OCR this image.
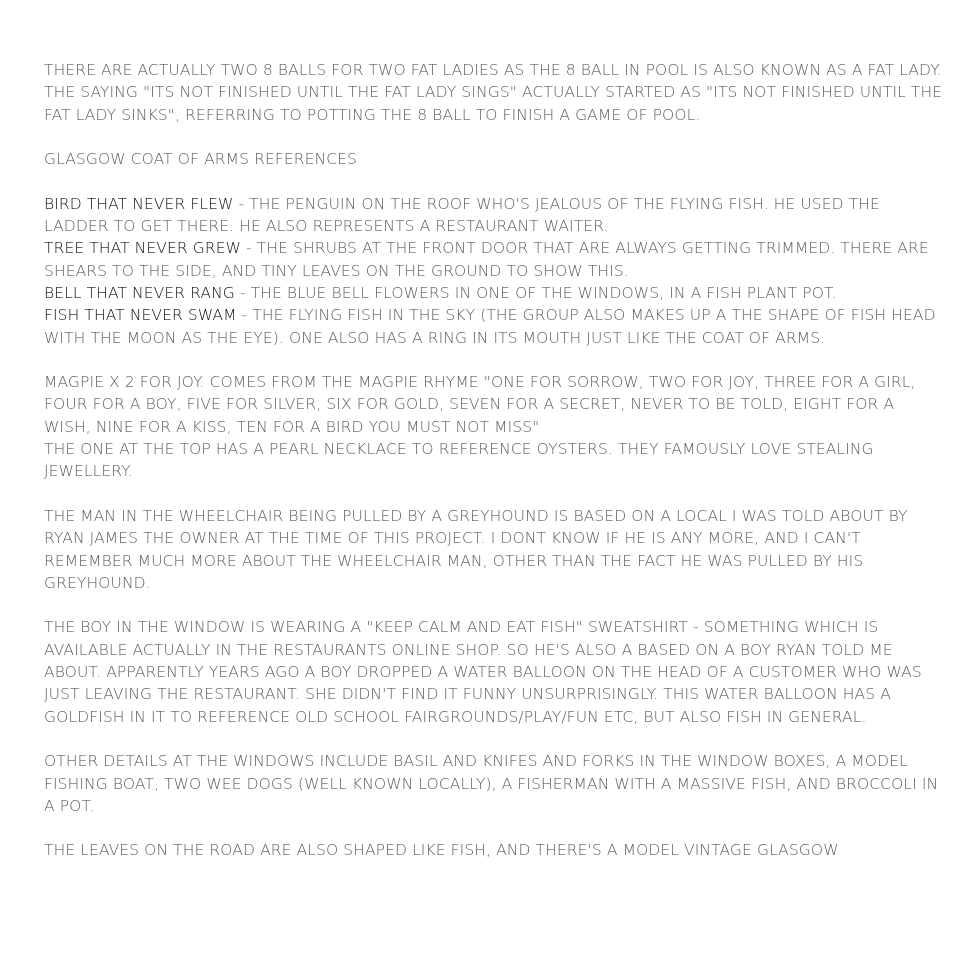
THERE ARE ACTUALLY TWO 8 BALLS FOR TWO FAT LADIES AS THE 8 BALL IN POOL IS ALSO KNOWN AS A FAT LADY. THE SAYING "ITS NOT FINISHED UNTIL THE FAT LADY SINGS" ACTUALLY STARTED AS "ITS NOT FINISHED UNTIL THE FAT LADY SINKS", REFERRING TO POTTING THE 8 BALL TO FINISH A GAME OF POOL.

GLASGOW COAT OF ARMS REFERENCES

BIRD THAT NEVER FLEW - THE PENGUIN ON THE ROOF WHO'S JEALOUS OF THE FLYING FISH. HE USED THE LADDER TO GET THERE. HE ALSO REPRESENTS A RESTAURANT WAITER.
TREE THAT NEVER GREW - THE SHRUBS AT THE FRONT DOOR THAT ARE ALWAYS GETTING TRIMMED. THERE ARE SHEARS TO THE SIDE, AND TINY LEAVES ON THE GROUND TO SHOW THIS.
BELL THAT NEVER RANG - THE BLUE BELL FLOWERS IN ONE OF THE WINDOWS, IN A FISH PLANT POT.
FISH THAT NEVER SWAM - THE FLYING FISH IN THE SKY (THE GROUP ALSO MAKES UP A THE SHAPE OF FISH HEAD WITH THE MOON AS THE EYE). ONE ALSO HAS A RING IN ITS MOUTH JUST LIKE THE COAT OF ARMS.
MAGPIE X 2 FOR JOY. COMES FROM THE MAGPIE RHYME "ONE FOR SORROW, TWO FOR JOY, THREE FOR A GIRL, FOUR FOR A BOY, FIVE FOR SILVER, SIX FOR GOLD, SEVEN FOR A SECRET, NEVER TO BE TOLD, EIGHT FOR A WISH, NINE FOR A KISS, TEN FOR A BIRD YOU MUST NOT MISS"
THE ONE AT THE TOP HAS A PEARL NECKLACE TO REFERENCE OYSTERS. THEY FAMOUSLY LOVE STEALING JEWELLERY.

THE MAN IN THE WHEELCHAIR BEING PULLED BY A GREYHOUND IS BASED ON A LOCAL I WAS TOLD ABOUT BY RYAN JAMES THE OWNER AT THE TIME OF THIS PROJECT. I DONT KNOW IF HE IS ANY MORE, AND I CAN'T REMEMBER MUCH MORE ABOUT THE WHEELCHAIR MAN, OTHER THAN THE FACT HE WAS PULLED BY HIS GREYHOUND.

THE BOY IN THE WINDOW IS WEARING A "KEEP CALM AND EAT FISH" SWEATSHIRT - SOMETHING WHICH IS AVAILABLE ACTUALLY IN THE RESTAURANTS ONLINE SHOP. SO HE'S ALSO A BASED ON A BOY RYAN TOLD ME ABOUT. APPARENTLY YEARS AGO A BOY DROPPED A WATER BALLOON ON THE HEAD OF A CUSTOMER WHO WAS JUST LEAVING THE RESTAURANT. SHE DIDN'T FIND IT FUNNY UNSURPRISINGLY. THIS WATER BALLOON HAS A GOLDFISH IN IT TO REFERENCE OLD SCHOOL FAIRGROUNDS/PLAY/FUN ETC, BUT ALSO FISH IN GENERAL.

OTHER DETAILS AT THE WINDOWS INCLUDE BASIL AND KNIFES AND FORKS IN THE WINDOW BOXES, A MODEL FISHING BOAT, TWO WEE DOGS (WELL KNOWN LOCALLY), A FISHERMAN WITH A MASSIVE FISH, AND BROCCOLI IN A POT.

THE LEAVES ON THE ROAD ARE ALSO SHAPED LIKE FISH, AND THERE'S A MODEL VINTAGE GLASGOW
